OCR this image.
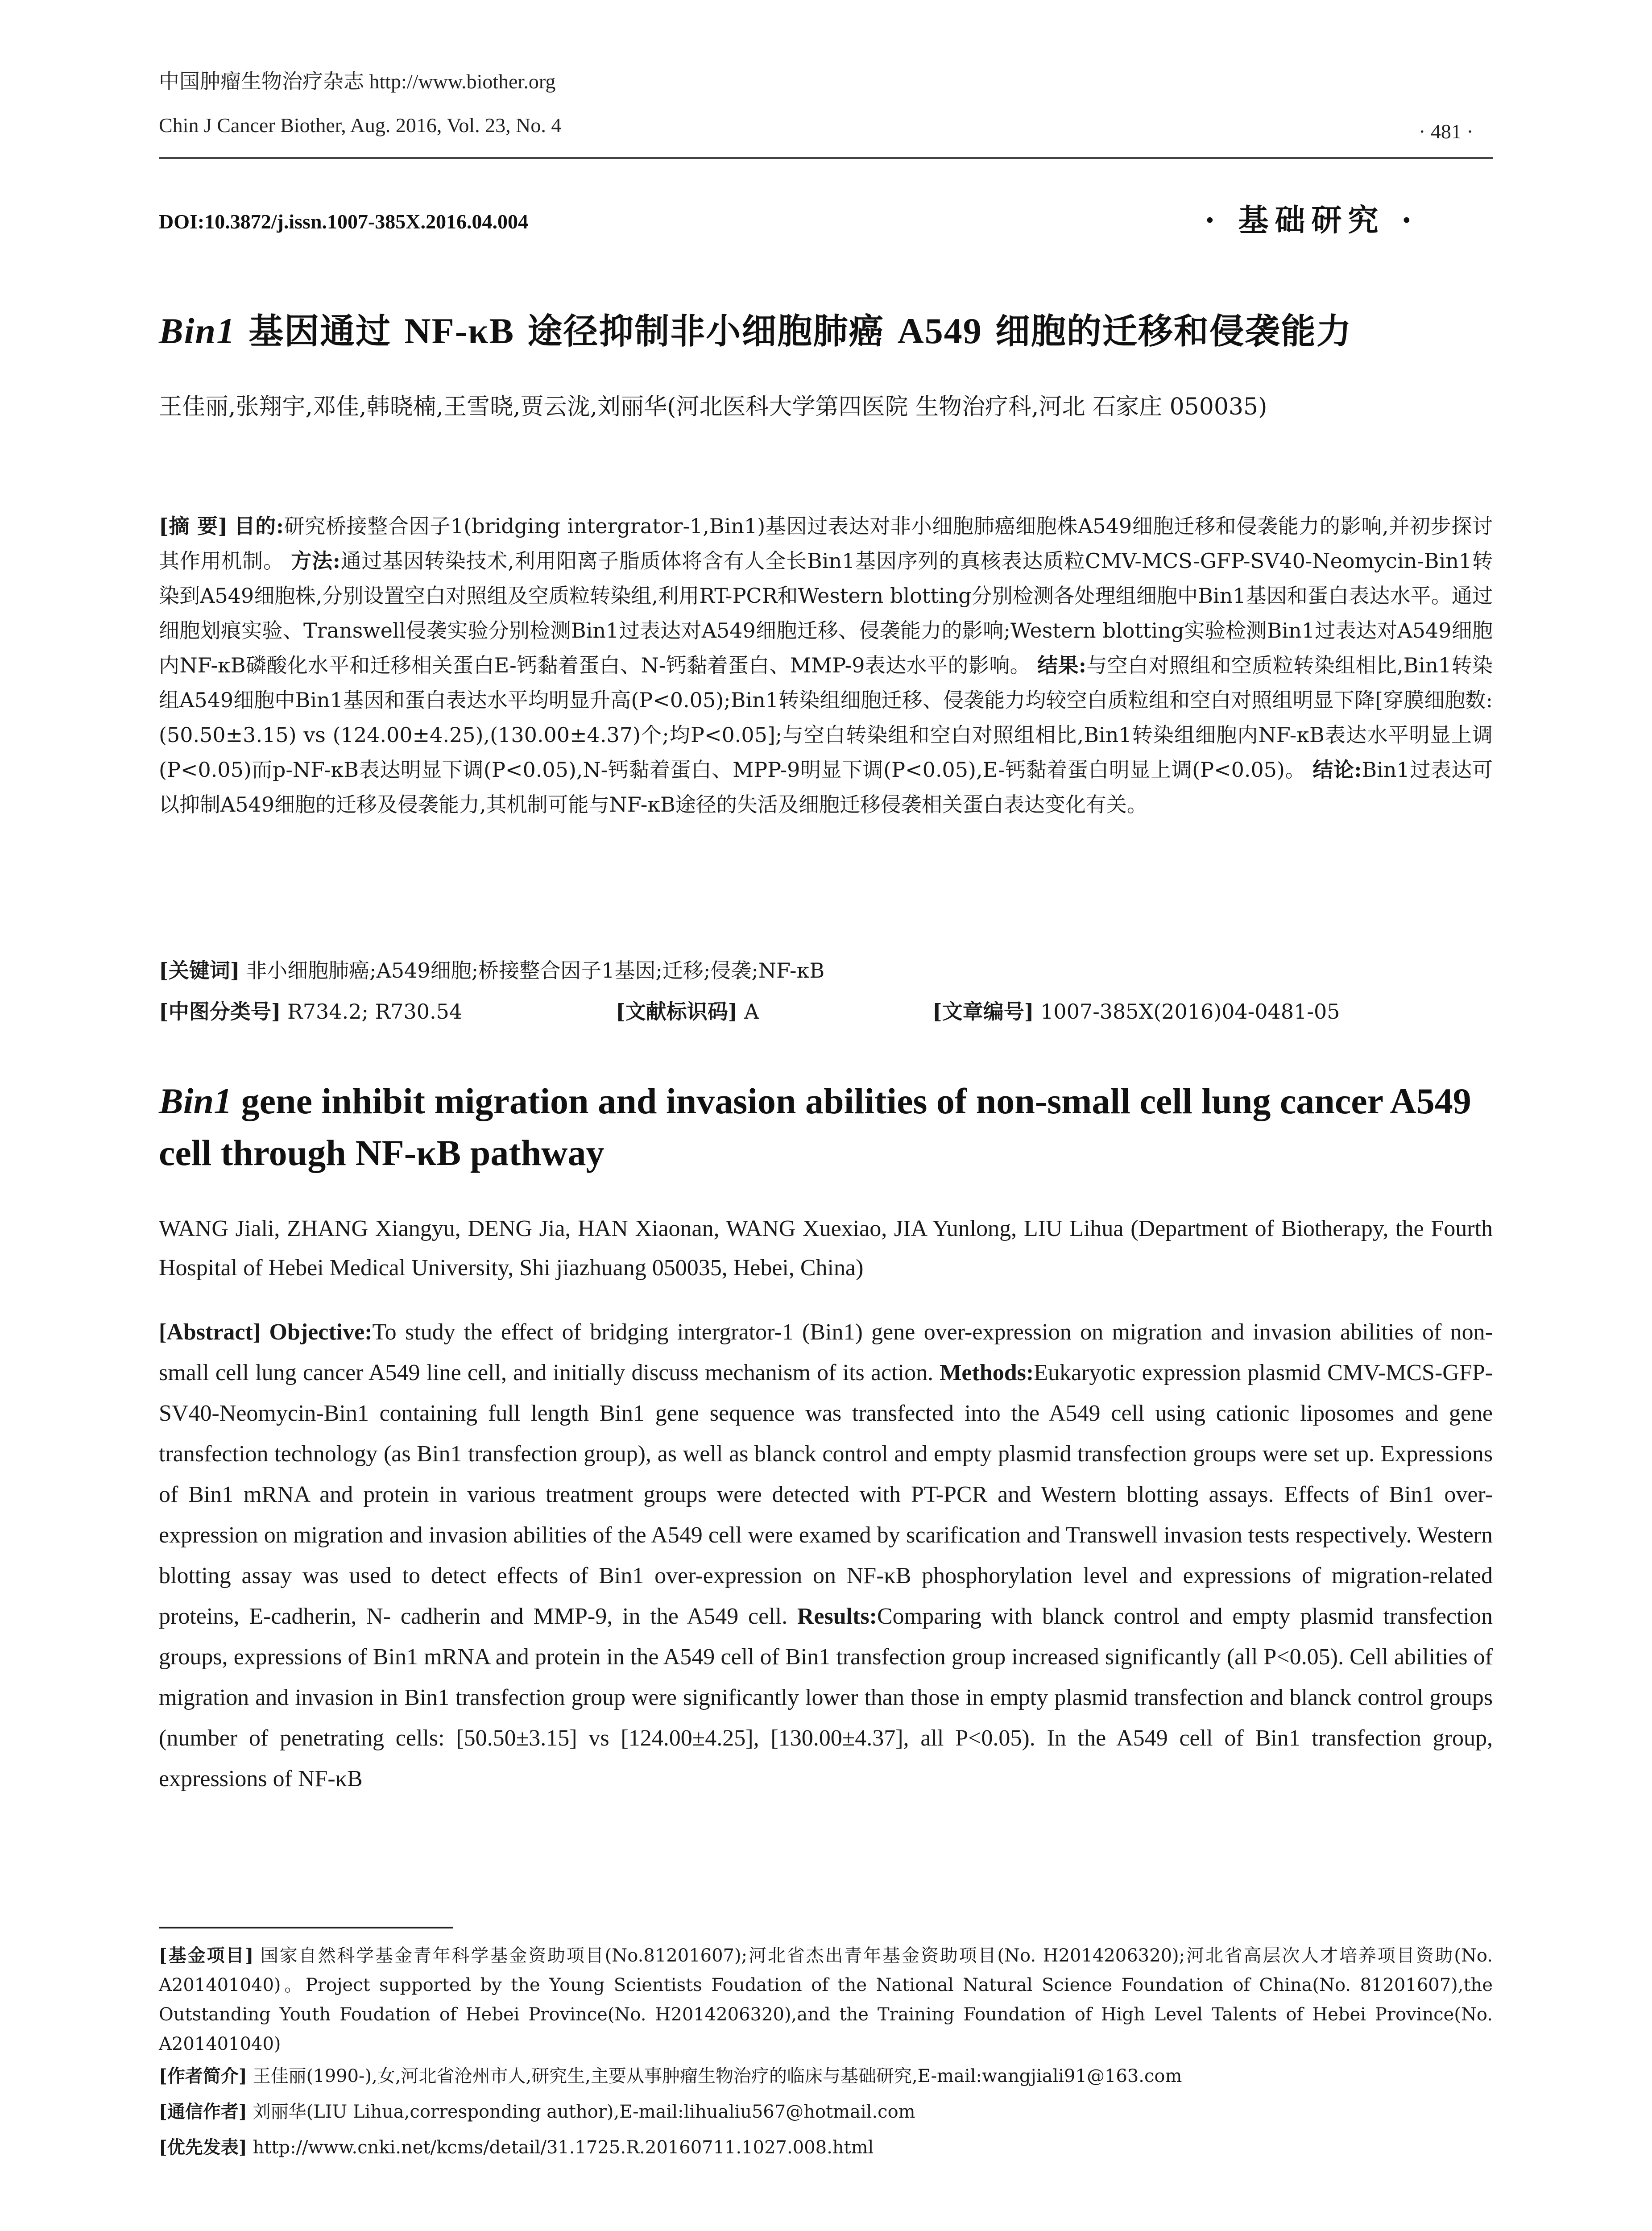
中国肿瘤生物治疗杂志 http://www.biother.org
Chin J Cancer Biother, Aug. 2016, Vol. 23, No. 4	· 481 ·
DOI:10.3872/j.issn.1007-385X.2016.04.004	· 基础研究 ·
Bin1 基因通过 NF-κB 途径抑制非小细胞肺癌 A549 细胞的迁移和侵袭能力
王佳丽,张翔宇,邓佳,韩晓楠,王雪晓,贾云泷,刘丽华(河北医科大学第四医院 生物治疗科,河北 石家庄 050035)
[摘 要] 目的:研究桥接整合因子1(bridging intergrator-1,Bin1)基因过表达对非小细胞肺癌细胞株A549细胞迁移和侵袭能力的影响,并初步探讨其作用机制。 方法:通过基因转染技术,利用阳离子脂质体将含有人全长Bin1基因序列的真核表达质粒CMV-MCS-GFP-SV40-Neomycin-Bin1转染到A549细胞株,分别设置空白对照组及空质粒转染组,利用RT-PCR和Western blotting分别检测各处理组细胞中Bin1基因和蛋白表达水平。通过细胞划痕实验、Transwell侵袭实验分别检测Bin1过表达对A549细胞迁移、侵袭能力的影响;Western blotting实验检测Bin1过表达对A549细胞内NF-κB磷酸化水平和迁移相关蛋白E-钙黏着蛋白、N-钙黏着蛋白、MMP-9表达水平的影响。 结果:与空白对照组和空质粒转染组相比,Bin1转染组A549细胞中Bin1基因和蛋白表达水平均明显升高(P<0.05);Bin1转染组细胞迁移、侵袭能力均较空白质粒组和空白对照组明显下降[穿膜细胞数:(50.50±3.15) vs (124.00±4.25),(130.00±4.37)个;均P<0.05];与空白转染组和空白对照组相比,Bin1转染组细胞内NF-κB表达水平明显上调(P<0.05)而p-NF-κB表达明显下调(P<0.05),N-钙黏着蛋白、MPP-9明显下调(P<0.05),E-钙黏着蛋白明显上调(P<0.05)。 结论:Bin1过表达可以抑制A549细胞的迁移及侵袭能力,其机制可能与NF-κB途径的失活及细胞迁移侵袭相关蛋白表达变化有关。
[关键词] 非小细胞肺癌;A549细胞;桥接整合因子1基因;迁移;侵袭;NF-κB
[中图分类号] R734.2; R730.54	[文献标识码] A	[文章编号] 1007-385X(2016)04-0481-05
Bin1 gene inhibit migration and invasion abilities of non-small cell lung cancer A549 cell through NF-κB pathway
WANG Jiali, ZHANG Xiangyu, DENG Jia, HAN Xiaonan, WANG Xuexiao, JIA Yunlong, LIU Lihua (Department of Biotherapy, the Fourth Hospital of Hebei Medical University, Shi jiazhuang 050035, Hebei, China)
[Abstract] Objective:To study the effect of bridging intergrator-1 (Bin1) gene over-expression on migration and invasion abilities of non-small cell lung cancer A549 line cell, and initially discuss mechanism of its action. Methods:Eukaryotic expression plasmid CMV-MCS-GFP-SV40-Neomycin-Bin1 containing full length Bin1 gene sequence was transfected into the A549 cell using cationic liposomes and gene transfection technology (as Bin1 transfection group), as well as blanck control and empty plasmid transfection groups were set up. Expressions of Bin1 mRNA and protein in various treatment groups were detected with PT-PCR and Western blotting assays. Effects of Bin1 over-expression on migration and invasion abilities of the A549 cell were examed by scarification and Transwell invasion tests respectively. Western blotting assay was used to detect effects of Bin1 over-expression on NF-κB phosphorylation level and expressions of migration-related proteins, E-cadherin, N- cadherin and MMP-9, in the A549 cell. Results:Comparing with blanck control and empty plasmid transfection groups, expressions of Bin1 mRNA and protein in the A549 cell of Bin1 transfection group increased significantly (all P<0.05). Cell abilities of migration and invasion in Bin1 transfection group were significantly lower than those in empty plasmid transfection and blanck control groups (number of penetrating cells: [50.50±3.15] vs [124.00±4.25], [130.00±4.37], all P<0.05). In the A549 cell of Bin1 transfection group, expressions of NF-κB
[基金项目] 国家自然科学基金青年科学基金资助项目(No.81201607);河北省杰出青年基金资助项目(No. H2014206320);河北省高层次人才培养项目资助(No. A201401040)。Project supported by the Young Scientists Foudation of the National Natural Science Foundation of China(No. 81201607),the Outstanding Youth Foudation of Hebei Province(No. H2014206320),and the Training Foundation of High Level Talents of Hebei Province(No. A201401040)
[作者简介] 王佳丽(1990-),女,河北省沧州市人,研究生,主要从事肿瘤生物治疗的临床与基础研究,E-mail:wangjiali91@163.com
[通信作者] 刘丽华(LIU Lihua,corresponding author),E-mail:lihualiu567@hotmail.com
[优先发表] http://www.cnki.net/kcms/detail/31.1725.R.20160711.1027.008.html
